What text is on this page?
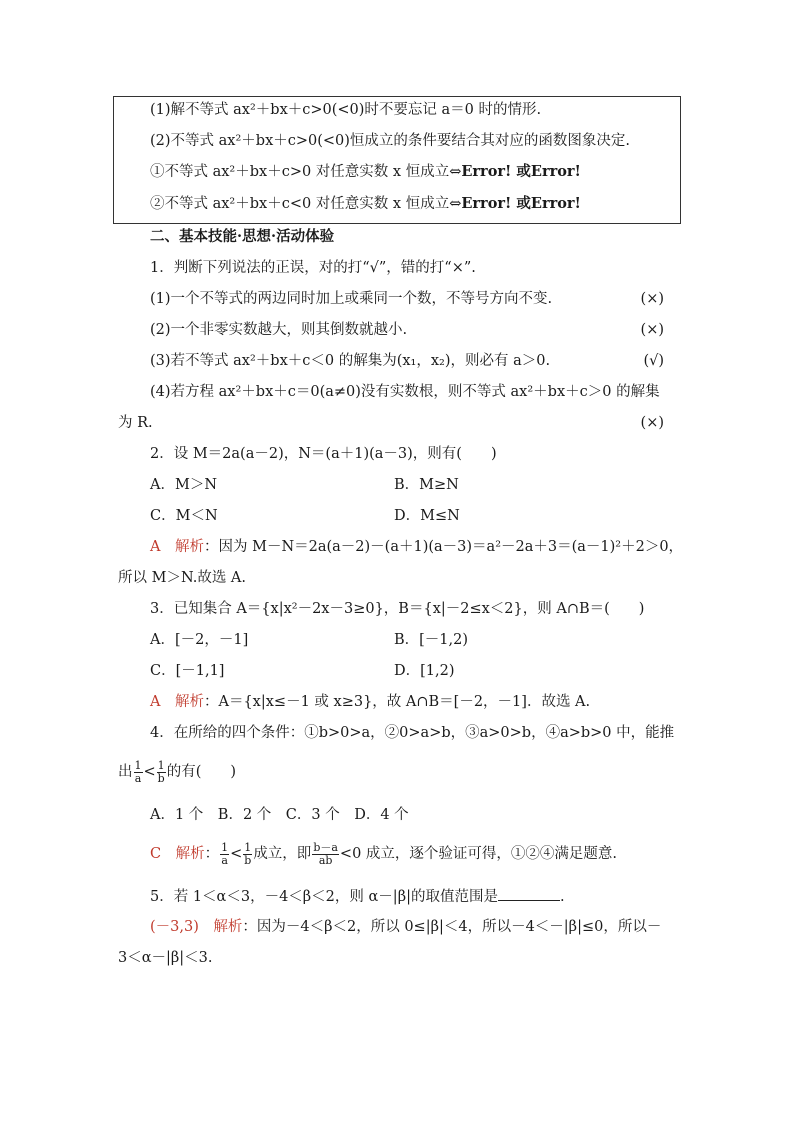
(1)解不等式 ax²＋bx＋c>0(<0)时不要忘记 a＝0 时的情形.
(2)不等式 ax²＋bx＋c>0(<0)恒成立的条件要结合其对应的函数图象决定.
①不等式 ax²＋bx＋c>0 对任意实数 x 恒成立⇔Error! 或Error!
②不等式 ax²＋bx＋c<0 对任意实数 x 恒成立⇔Error! 或Error!
二、基本技能·思想·活动体验
1．判断下列说法的正误，对的打“√”，错的打“×”.
(1)一个不等式的两边同时加上或乘同一个数，不等号方向不变.	(×)
(2)一个非零实数越大，则其倒数就越小.	(×)
(3)若不等式 ax²＋bx＋c＜0 的解集为(x₁，x₂)，则必有 a＞0.	(√)
(4)若方程 ax²＋bx＋c＝0(a≠0)没有实数根，则不等式 ax²＋bx＋c＞0 的解集
为 R.	(×)
2．设 M＝2a(a－2)，N＝(a＋1)(a－3)，则有(　　)
A．M＞N	B．M≥N
C．M＜N	D．M≤N
A　 解析：因为 M－N＝2a(a－2)－(a＋1)(a－3)＝a²－2a＋3＝(a－1)²＋2＞0，
所以 M＞N.故选 A.
3．已知集合 A＝{x|x²－2x－3≥0}，B＝{x|－2≤x＜2}，则 A∩B＝(　　)
A．[－2，－1]	B．[－1,2)
C．[－1,1]	D．[1,2)
A　 解析：A＝{x|x≤－1 或 x≥3}，故 A∩B＝[－2，－1]．故选 A.
4．在所给的四个条件：①b>0>a，②0>a>b，③a>0>b，④a>b>0 中，能推
出 $\frac{1}{a} < \frac{1}{b}$ 的有(　　)
A．1 个　B．2 个　C．3 个　D．4 个
C　 解析： $\frac{1}{a} < \frac{1}{b}$ 成立，即 $\frac{b-a}{ab} <0$ 成立，逐个验证可得，①②④满足题意.
5．若 1＜α＜3，－4＜β＜2，则 α－|β|的取值范围是	.
(－3,3)　 解析：因为－4＜β＜2，所以 0≤|β|＜4，所以－4＜－|β|≤0，所以－
3＜α－|β|＜3.
